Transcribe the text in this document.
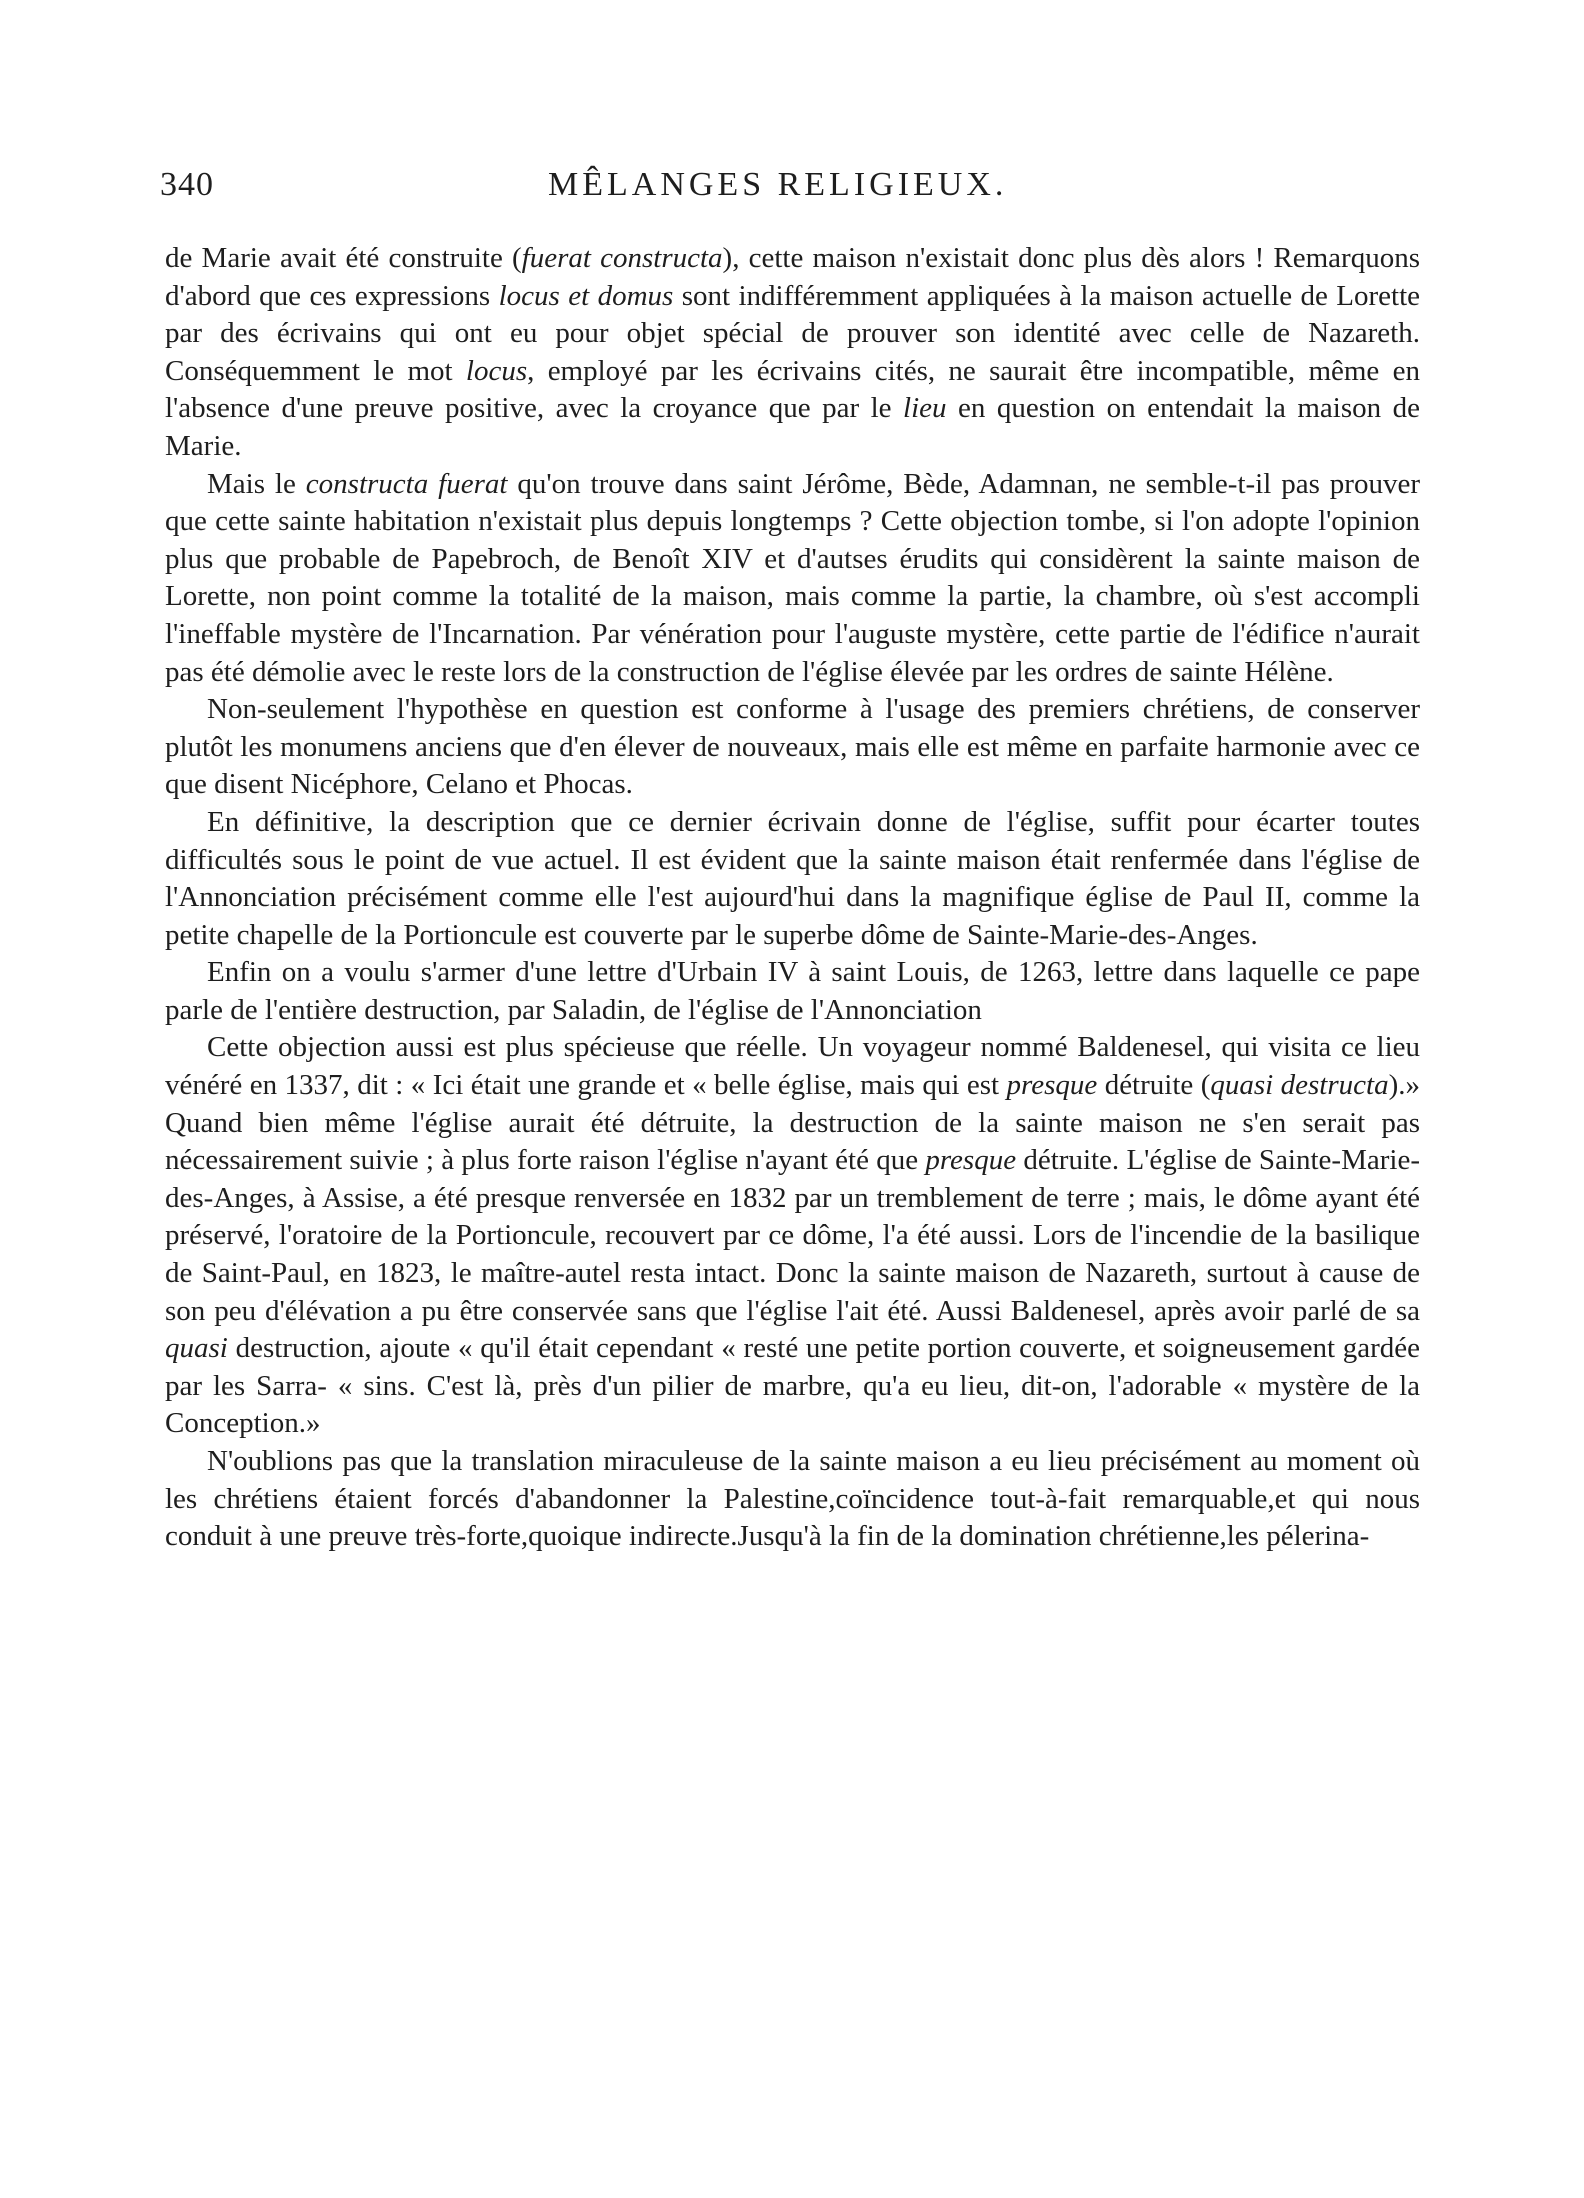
340	MÊLANGES RELIGIEUX.

de Marie avait été construite (fuerat constructa), cette maison n'existait donc plus dès alors ! Remarquons d'abord que ces expressions locus et domus sont indifféremment appliquées à la maison actuelle de Lorette par des écrivains qui ont eu pour objet spécial de prouver son identité avec celle de Nazareth. Conséquemment le mot locus, employé par les écrivains cités, ne saurait être incompatible, même en l'absence d'une preuve positive, avec la croyance que par le lieu en question on entendait la maison de Marie.

Mais le constructa fuerat qu'on trouve dans saint Jérôme, Bède, Adamnan, ne semble-t-il pas prouver que cette sainte habitation n'existait plus depuis longtemps ? Cette objection tombe, si l'on adopte l'opinion plus que probable de Papebroch, de Benoît XIV et d'autses érudits qui considèrent la sainte maison de Lorette, non point comme la totalité de la maison, mais comme la partie, la chambre, où s'est accompli l'ineffable mystère de l'Incarnation. Par vénération pour l'auguste mystère, cette partie de l'édifice n'aurait pas été démolie avec le reste lors de la construction de l'église élevée par les ordres de sainte Hélène.

Non-seulement l'hypothèse en question est conforme à l'usage des premiers chrétiens, de conserver plutôt les monumens anciens que d'en élever de nouveaux, mais elle est même en parfaite harmonie avec ce que disent Nicéphore, Celano et Phocas.

En définitive, la description que ce dernier écrivain donne de l'église, suffit pour écarter toutes difficultés sous le point de vue actuel. Il est évident que la sainte maison était renfermée dans l'église de l'Annonciation précisément comme elle l'est aujourd'hui dans la magnifique église de Paul II, comme la petite chapelle de la Portioncule est couverte par le superbe dôme de Sainte-Marie-des-Anges.

Enfin on a voulu s'armer d'une lettre d'Urbain IV à saint Louis, de 1263, lettre dans laquelle ce pape parle de l'entière destruction, par Saladin, de l'église de l'Annonciation

Cette objection aussi est plus spécieuse que réelle. Un voyageur nommé Baldenesel, qui visita ce lieu vénéré en 1337, dit : « Ici était une grande et « belle église, mais qui est presque détruite (quasi destructa).» Quand bien même l'église aurait été détruite, la destruction de la sainte maison ne s'en serait pas nécessairement suivie ; à plus forte raison l'église n'ayant été que presque détruite. L'église de Sainte-Marie-des-Anges, à Assise, a été presque renversée en 1832 par un tremblement de terre ; mais, le dôme ayant été préservé, l'oratoire de la Portioncule, recouvert par ce dôme, l'a été aussi. Lors de l'incendie de la basilique de Saint-Paul, en 1823, le maître-autel resta intact. Donc la sainte maison de Nazareth, surtout à cause de son peu d'élévation a pu être conservée sans que l'église l'ait été. Aussi Baldenesel, après avoir parlé de sa quasi destruction, ajoute « qu'il était cependant « resté une petite portion couverte, et soigneusement gardée par les Sarra- « sins. C'est là, près d'un pilier de marbre, qu'a eu lieu, dit-on, l'adorable « mystère de la Conception.»

N'oublions pas que la translation miraculeuse de la sainte maison a eu lieu précisément au moment où les chrétiens étaient forcés d'abandonner la Palestine,coïncidence tout-à-fait remarquable,et qui nous conduit à une preuve très-forte,quoique indirecte.Jusqu'à la fin de la domination chrétienne,les pélerina-
